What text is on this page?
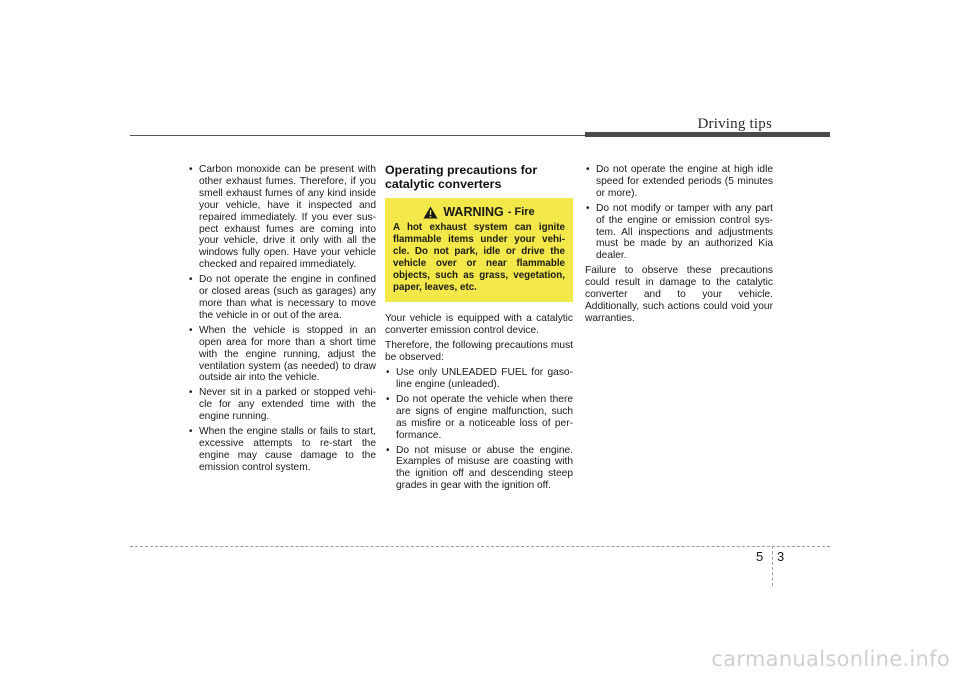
Driving tips
• Carbon monoxide can be present with other exhaust fumes. Therefore, if you smell exhaust fumes of any kind inside your vehicle, have it inspected and repaired immediately. If you ever sus-pect exhaust fumes are coming into your vehicle, drive it only with all the windows fully open. Have your vehicle checked and repaired immediately.
• Do not operate the engine in confined or closed areas (such as garages) any more than what is necessary to move the vehicle in or out of the area.
• When the vehicle is stopped in an open area for more than a short time with the engine running, adjust the ventilation system (as needed) to draw outside air into the vehicle.
• Never sit in a parked or stopped vehi-cle for any extended time with the engine running.
• When the engine stalls or fails to start, excessive attempts to re-start the engine may cause damage to the emission control system.
Operating precautions for catalytic converters
WARNING - Fire
A hot exhaust system can ignite flammable items under your vehi-cle. Do not park, idle or drive the vehicle over or near flammable objects, such as grass, vegetation, paper, leaves, etc.

Your vehicle is equipped with a catalytic converter emission control device.

Therefore, the following precautions must be observed:

• Use only UNLEADED FUEL for gaso-line engine (unleaded).
• Do not operate the vehicle when there are signs of engine malfunction, such as misfire or a noticeable loss of per-formance.
• Do not misuse or abuse the engine. Examples of misuse are coasting with the ignition off and descending steep grades in gear with the ignition off.
• Do not operate the engine at high idle speed for extended periods (5 minutes or more).
• Do not modify or tamper with any part of the engine or emission control sys-tem. All inspections and adjustments must be made by an authorized Kia dealer.

Failure to observe these precautions could result in damage to the catalytic converter and to your vehicle. Additionally, such actions could void your warranties.

5 3
carmanualsonline.info
